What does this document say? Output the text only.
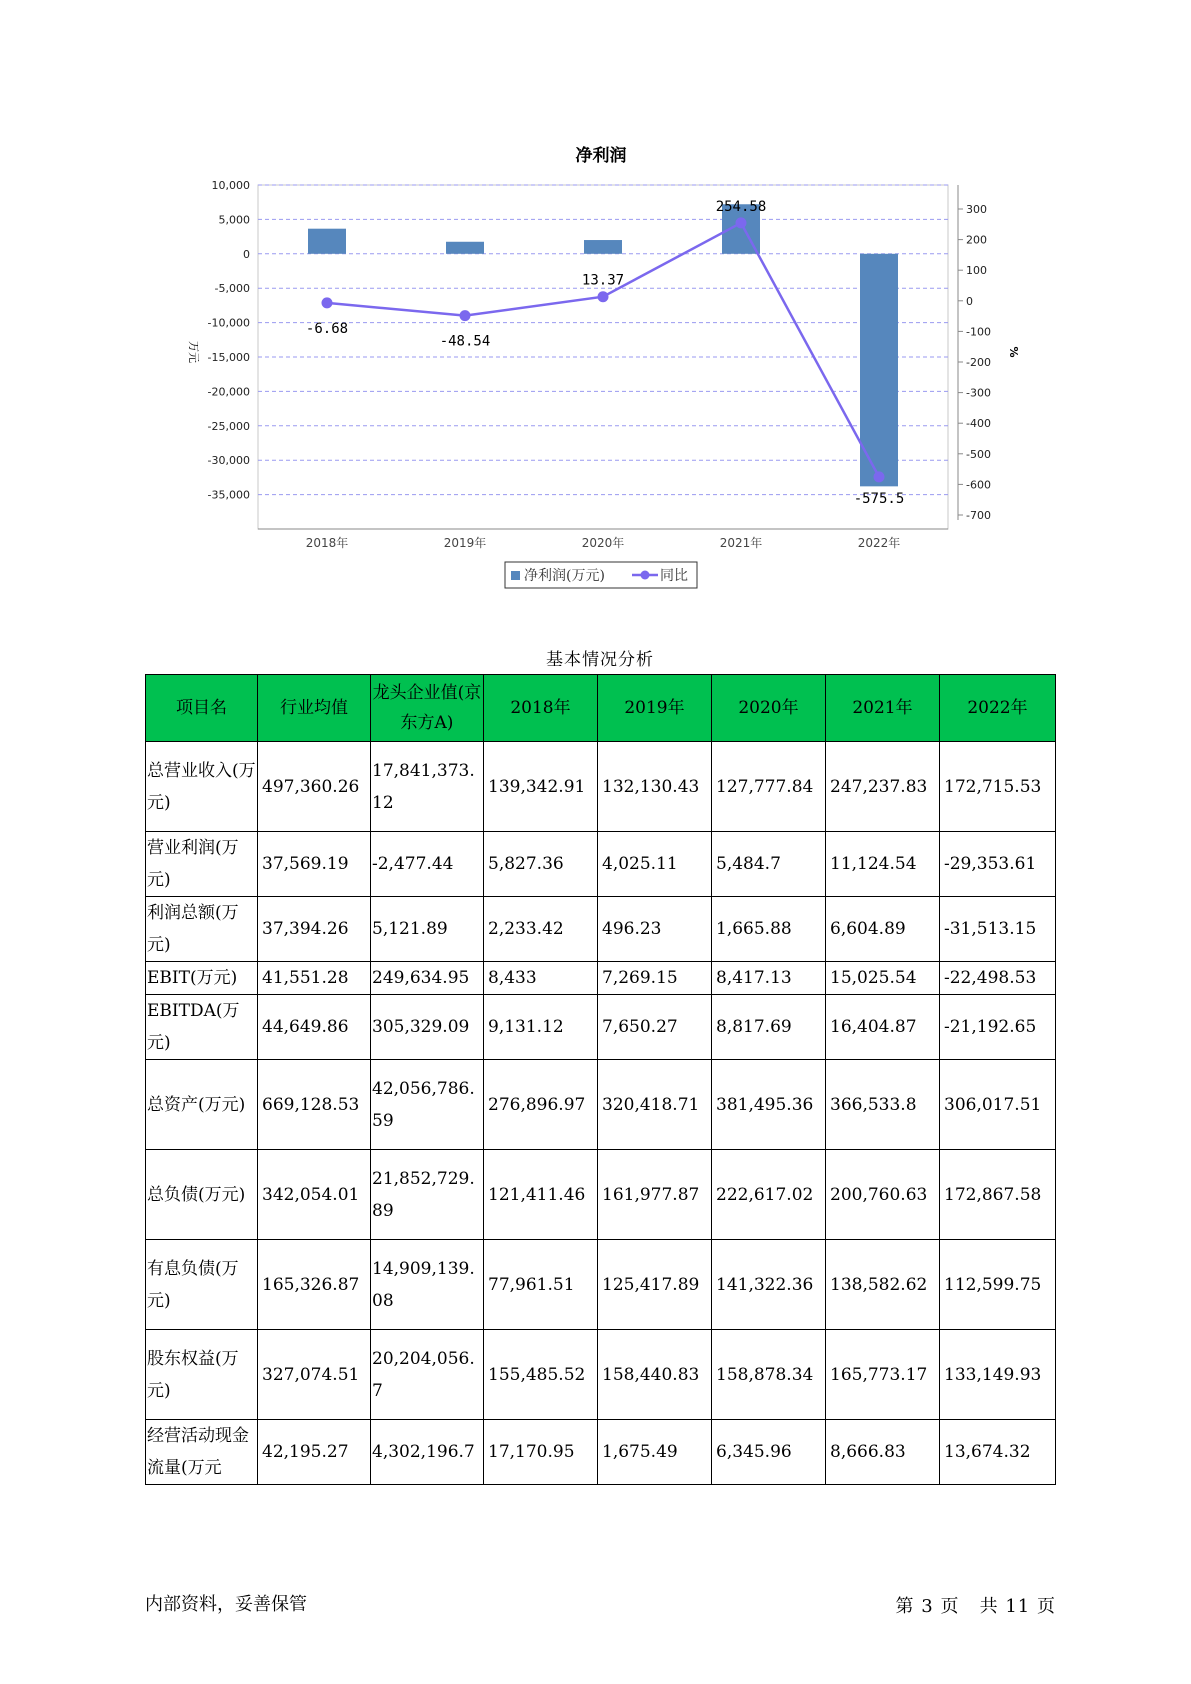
10,000
5,000
0
-5,000
-10,000
-15,000
-20,000
-25,000
-30,000
-35,000
300
200
100
0
-100
-200
-300
-400
-500
-600
-700
2018年	2019年	2020年	2021年	2022年
净利润
万元	%
-6.68
-48.54
13.37
254.58
-575.5
净利润(万元)	同比
基本情况分析
项目名	行业均值	龙头企业值(京东方A)	2018年	2019年	2020年	2021年	2022年
总营业收入(万元)	497,360.26	17,841,373.12	139,342.91	132,130.43	127,777.84	247,237.83	172,715.53
营业利润(万元)	37,569.19	-2,477.44	5,827.36	4,025.11	5,484.7	11,124.54	-29,353.61
利润总额(万元)	37,394.26	5,121.89	2,233.42	496.23	1,665.88	6,604.89	-31,513.15
EBIT(万元)	41,551.28	249,634.95	8,433	7,269.15	8,417.13	15,025.54	-22,498.53
EBITDA(万元)	44,649.86	305,329.09	9,131.12	7,650.27	8,817.69	16,404.87	-21,192.65
总资产(万元)	669,128.53	42,056,786.59	276,896.97	320,418.71	381,495.36	366,533.8	306,017.51
总负债(万元)	342,054.01	21,852,729.89	121,411.46	161,977.87	222,617.02	200,760.63	172,867.58
有息负债(万元)	165,326.87	14,909,139.08	77,961.51	125,417.89	141,322.36	138,582.62	112,599.75
股东权益(万元)	327,074.51	20,204,056.7	155,485.52	158,440.83	158,878.34	165,773.17	133,149.93
经营活动现金流量(万元	42,195.27	4,302,196.7	17,170.95	1,675.49	6,345.96	8,666.83	13,674.32
内部资料，妥善保管	第 3 页 共 11 页
